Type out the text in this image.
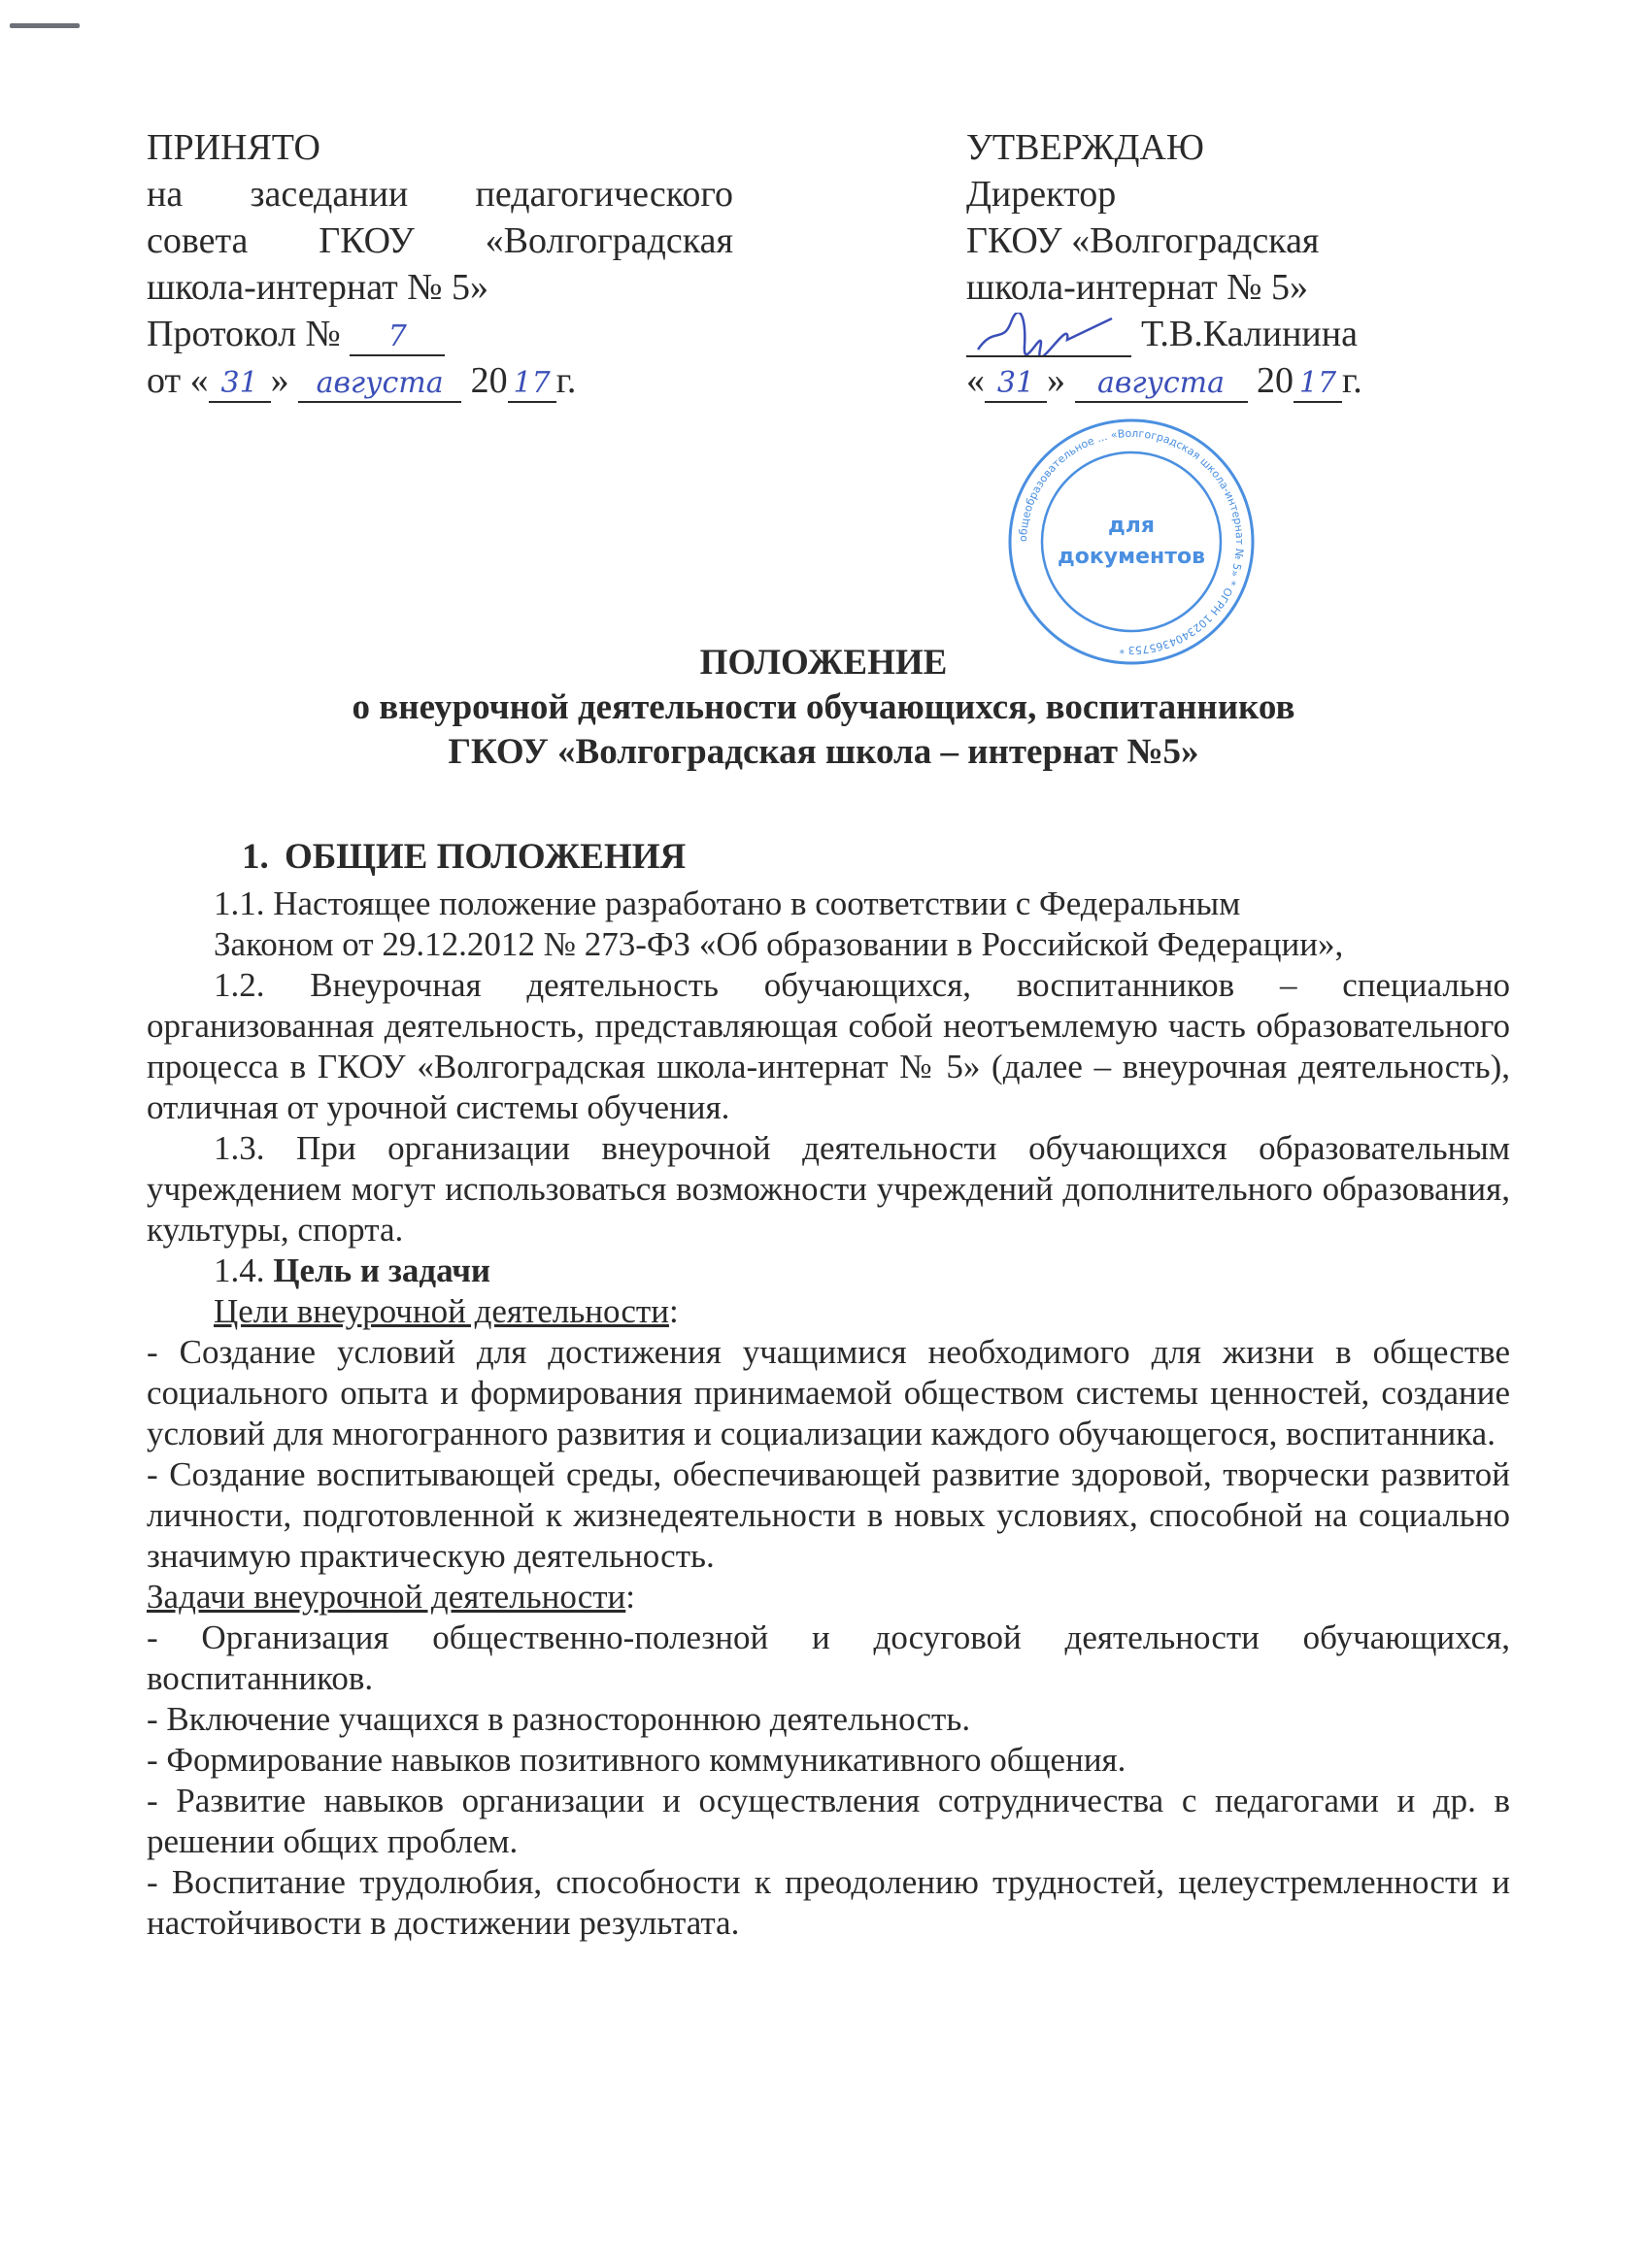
ПРИНЯТО
на заседании педагогического
совета ГКОУ «Волгоградская
школа-интернат № 5»
Протокол № 7
от « 31 » августа 20 17 г.
УТВЕРЖДАЮ
Директор
ГКОУ «Волгоградская
школа-интернат № 5»
Т.В.Калинина
« 31 » августа 20 17 г.
общеобразовательное ... «Волгоградская школа-интернат № 5» * ОГРН 1023404365753 *
для
документов
ПОЛОЖЕНИЕ
о внеурочной деятельности обучающихся, воспитанников
ГКОУ «Волгоградская школа – интернат №5»
1. ОБЩИЕ ПОЛОЖЕНИЯ

1.1. Настоящее положение разработано в соответствии с Федеральным

Законом от 29.12.2012 № 273-ФЗ «Об образовании в Российской Федерации»,

1.2. Внеурочная деятельность обучающихся, воспитанников – специально организованная деятельность, представляющая собой неотъемлемую часть образовательного процесса в ГКОУ «Волгоградская школа-интернат № 5» (далее – внеурочная деятельность), отличная от урочной системы обучения.

1.3. При организации внеурочной деятельности обучающихся образовательным учреждением могут использоваться возможности учреждений дополнительного образования, культуры, спорта.

1.4. Цель и задачи

Цели внеурочной деятельности:

- Создание условий для достижения учащимися необходимого для жизни в обществе социального опыта и формирования принимаемой обществом системы ценностей, создание условий для многогранного развития и социализации каждого обучающегося, воспитанника.

- Создание воспитывающей среды, обеспечивающей развитие здоровой, творчески развитой личности, подготовленной к жизнедеятельности в новых условиях, способной на социально значимую практическую деятельность.

Задачи внеурочной деятельности:

- Организация общественно-полезной и досуговой деятельности обучающихся, воспитанников.

- Включение учащихся в разностороннюю деятельность.

- Формирование навыков позитивного коммуникативного общения.

- Развитие навыков организации и осуществления сотрудничества с педагогами и др. в решении общих проблем.

- Воспитание трудолюбия, способности к преодолению трудностей, целеустремленности и настойчивости в достижении результата.
